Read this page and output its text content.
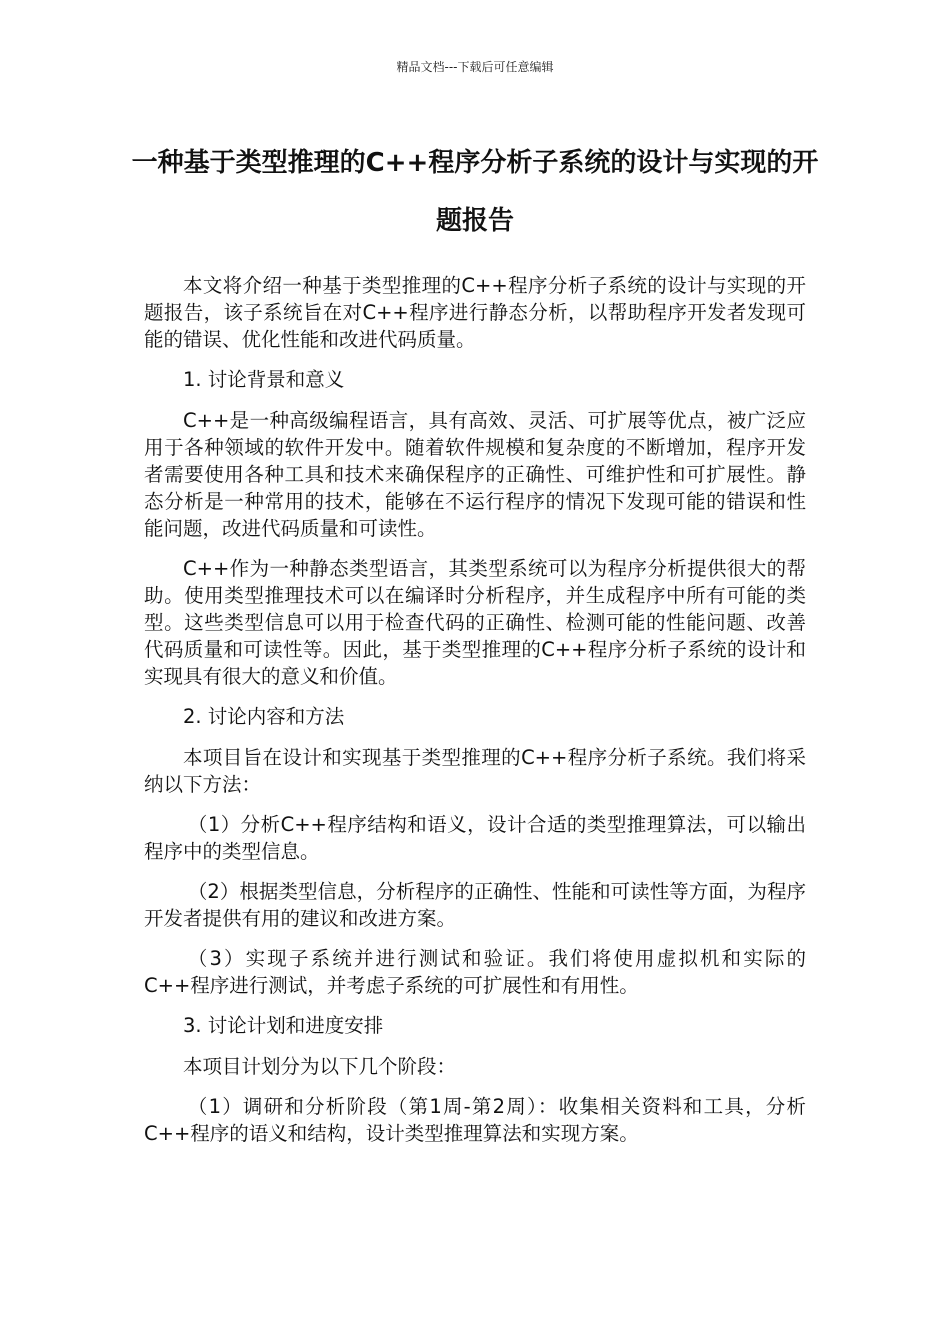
精品文档---下载后可任意编辑
一种基于类型推理的C++程序分析子系统的设计与实现的开题报告

本文将介绍一种基于类型推理的C++程序分析子系统的设计与实现的开题报告，该子系统旨在对C++程序进行静态分析，以帮助程序开发者发现可能的错误、优化性能和改进代码质量。

1. 讨论背景和意义

C++是一种高级编程语言，具有高效、灵活、可扩展等优点，被广泛应用于各种领域的软件开发中。随着软件规模和复杂度的不断增加，程序开发者需要使用各种工具和技术来确保程序的正确性、可维护性和可扩展性。静态分析是一种常用的技术，能够在不运行程序的情况下发现可能的错误和性能问题，改进代码质量和可读性。

C++作为一种静态类型语言，其类型系统可以为程序分析提供很大的帮助。使用类型推理技术可以在编译时分析程序，并生成程序中所有可能的类型。这些类型信息可以用于检查代码的正确性、检测可能的性能问题、改善代码质量和可读性等。因此，基于类型推理的C++程序分析子系统的设计和实现具有很大的意义和价值。

2. 讨论内容和方法

本项目旨在设计和实现基于类型推理的C++程序分析子系统。我们将采纳以下方法：

（1）分析C++程序结构和语义，设计合适的类型推理算法，可以输出程序中的类型信息。

（2）根据类型信息，分析程序的正确性、性能和可读性等方面，为程序开发者提供有用的建议和改进方案。

（3）实现子系统并进行测试和验证。我们将使用虚拟机和实际的C++程序进行测试，并考虑子系统的可扩展性和有用性。

3. 讨论计划和进度安排

本项目计划分为以下几个阶段：

（1）调研和分析阶段（第1周-第2周）：收集相关资料和工具，分析C++程序的语义和结构，设计类型推理算法和实现方案。
